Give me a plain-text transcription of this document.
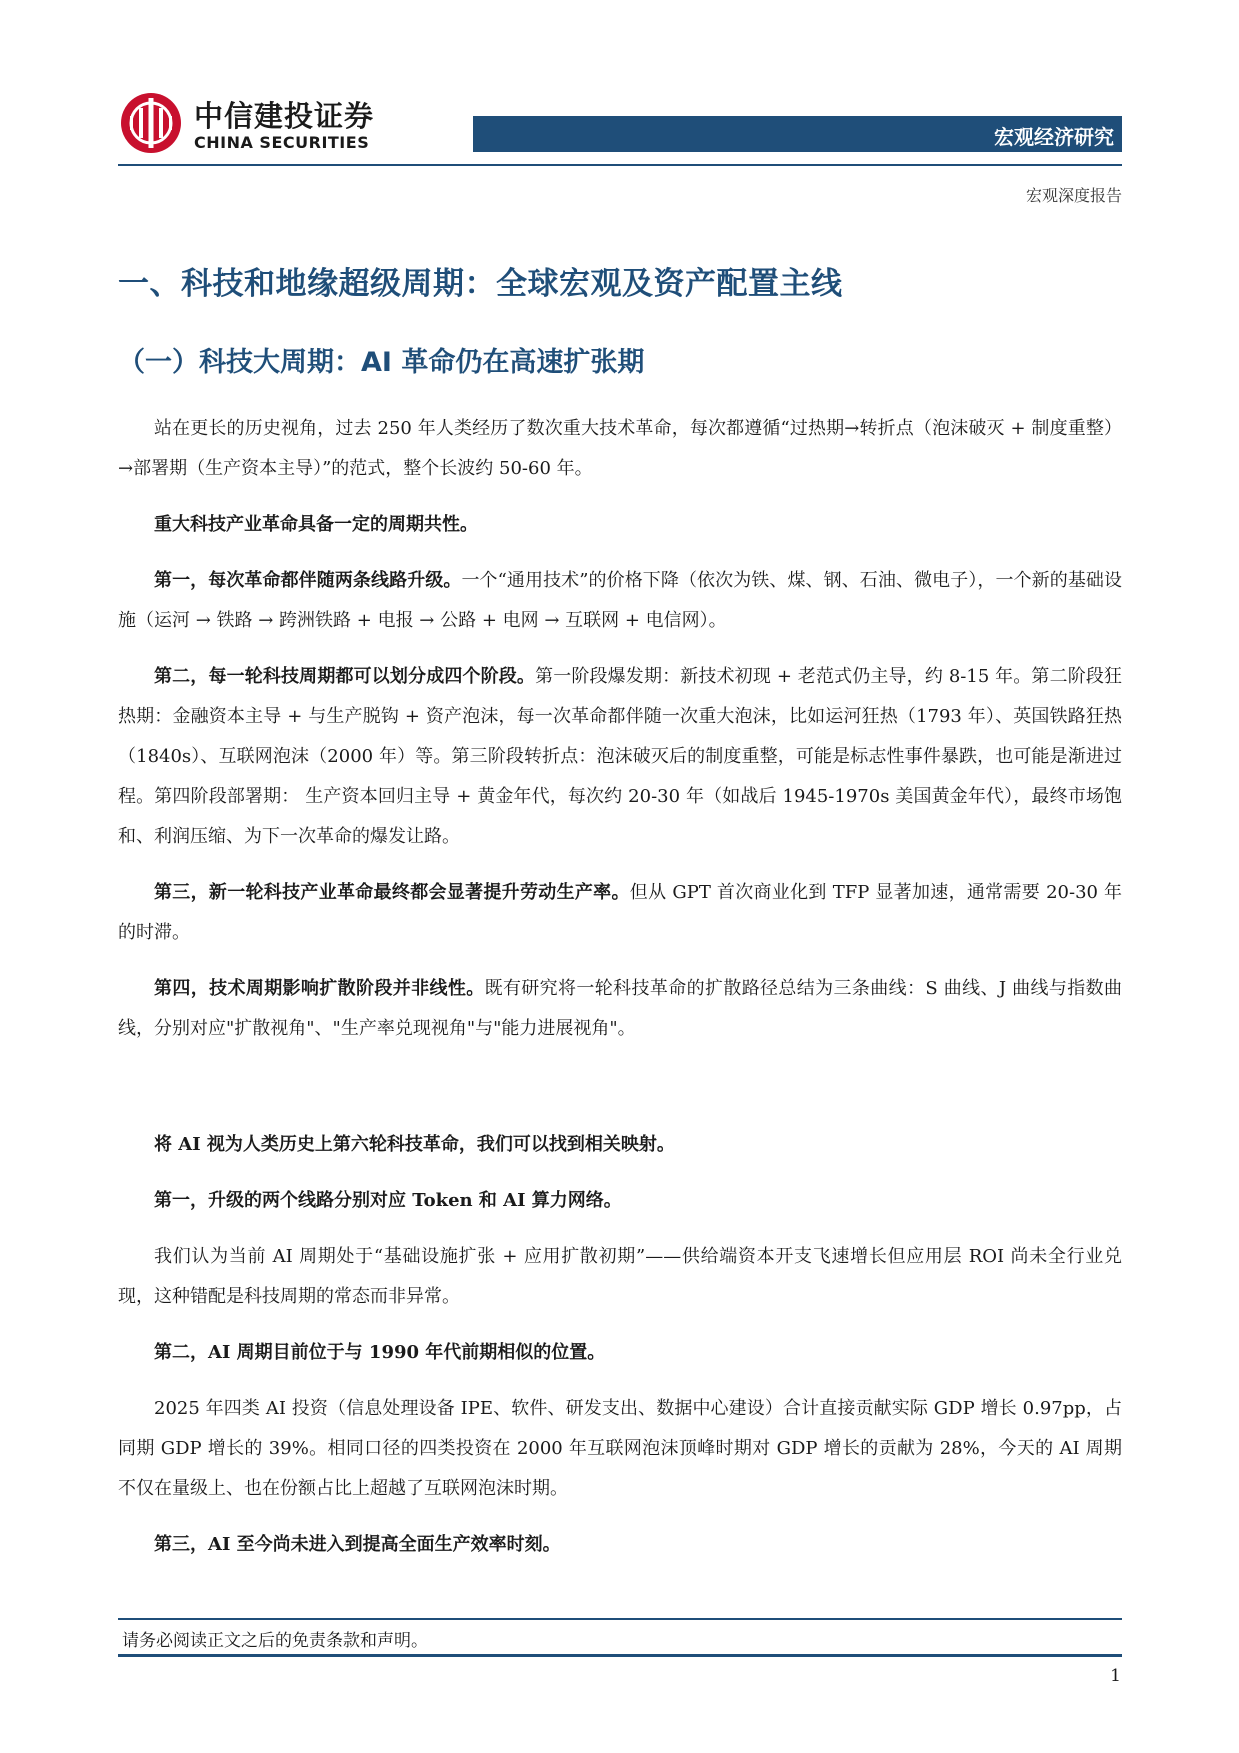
中信建投证券
CHINA SECURITIES	宏观经济研究
宏观深度报告
一、科技和地缘超级周期：全球宏观及资产配置主线
（一）科技大周期：AI 革命仍在高速扩张期

站在更长的历史视角，过去 250 年人类经历了数次重大技术革命，每次都遵循“过热期→转折点（泡沫破灭 + 制度重整）→部署期（生产资本主导）”的范式，整个长波约 50-60 年。

重大科技产业革命具备一定的周期共性。

第一，每次革命都伴随两条线路升级。一个“通用技术”的价格下降（依次为铁、煤、钢、石油、微电子），一个新的基础设施（运河 → 铁路 → 跨洲铁路 + 电报 → 公路 + 电网 → 互联网 + 电信网）。

第二，每一轮科技周期都可以划分成四个阶段。第一阶段爆发期：新技术初现 + 老范式仍主导，约 8-15 年。第二阶段狂热期：金融资本主导 + 与生产脱钩 + 资产泡沫，每一次革命都伴随一次重大泡沫，比如运河狂热（1793 年）、英国铁路狂热（1840s）、互联网泡沫（2000 年）等。第三阶段转折点：泡沫破灭后的制度重整，可能是标志性事件暴跌，也可能是渐进过程。第四阶段部署期： 生产资本回归主导 + 黄金年代，每次约 20-30 年（如战后 1945-1970s 美国黄金年代），最终市场饱和、利润压缩、为下一次革命的爆发让路。

第三，新一轮科技产业革命最终都会显著提升劳动生产率。但从 GPT 首次商业化到 TFP 显著加速，通常需要 20-30 年的时滞。

第四，技术周期影响扩散阶段并非线性。既有研究将一轮科技革命的扩散路径总结为三条曲线：S 曲线、J 曲线与指数曲线，分别对应"扩散视角"、"生产率兑现视角"与"能力进展视角"。

将 AI 视为人类历史上第六轮科技革命，我们可以找到相关映射。

第一，升级的两个线路分别对应 Token 和 AI 算力网络。

我们认为当前 AI 周期处于“基础设施扩张 + 应用扩散初期”——供给端资本开支飞速增长但应用层 ROI 尚未全行业兑现，这种错配是科技周期的常态而非异常。

第二，AI 周期目前位于与 1990 年代前期相似的位置。

2025 年四类 AI 投资（信息处理设备 IPE、软件、研发支出、数据中心建设）合计直接贡献实际 GDP 增长 0.97pp，占同期 GDP 增长的 39%。相同口径的四类投资在 2000 年互联网泡沫顶峰时期对 GDP 增长的贡献为 28%，今天的 AI 周期不仅在量级上、也在份额占比上超越了互联网泡沫时期。

第三，AI 至今尚未进入到提高全面生产效率时刻。

请务必阅读正文之后的免责条款和声明。
1
